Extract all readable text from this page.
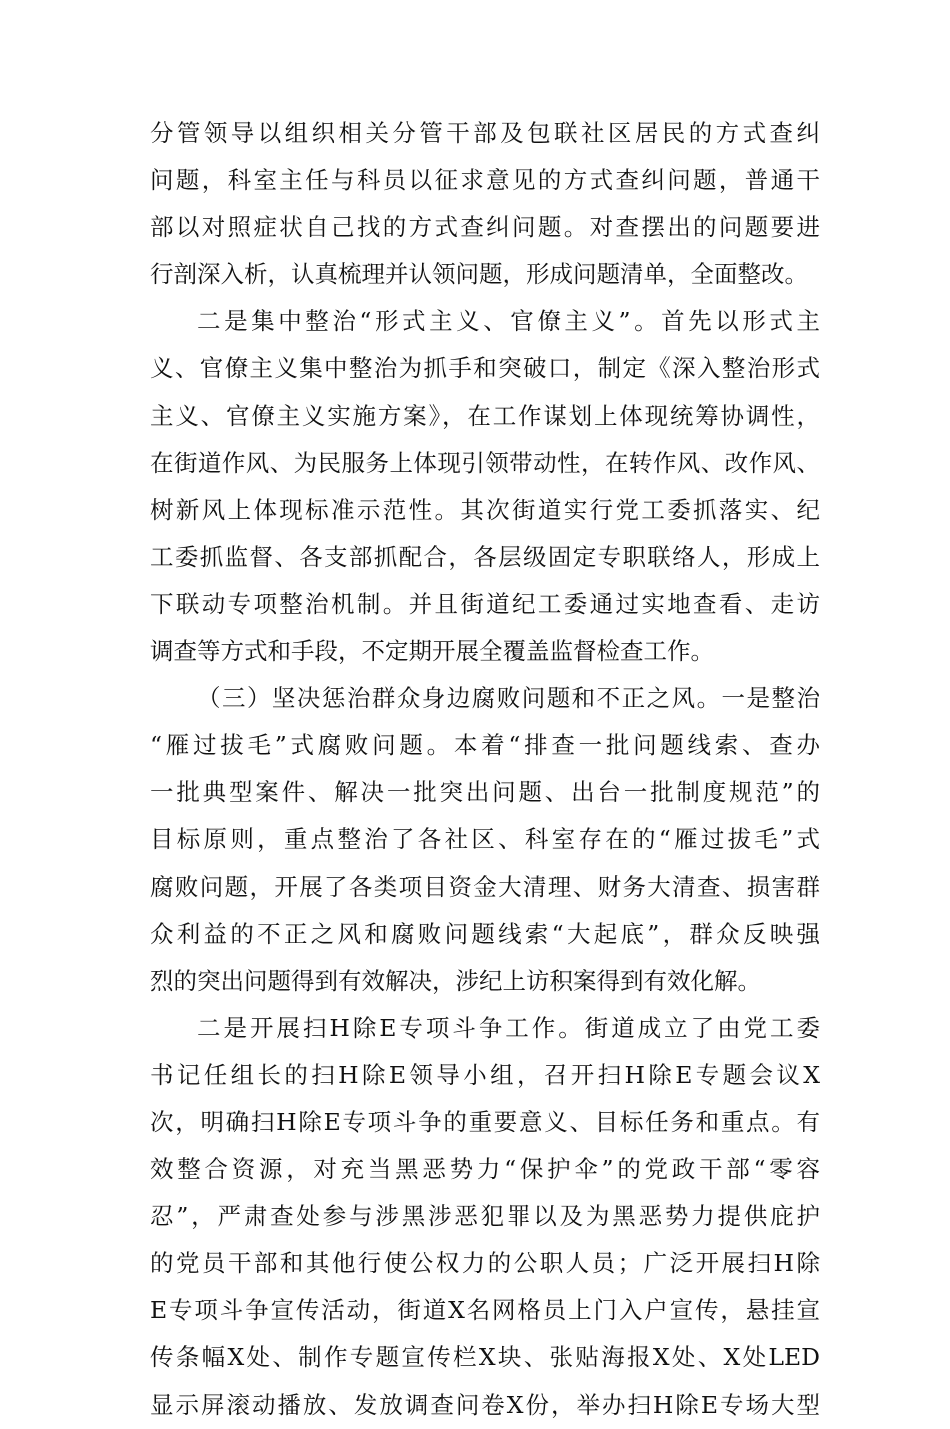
分管领导以组织相关分管干部及包联社区居民的方式查纠
问题，科室主任与科员以征求意见的方式查纠问题，普通干
部以对照症状自己找的方式查纠问题。对查摆出的问题要进
行剖深入析，认真梳理并认领问题，形成问题清单，全面整改。
二是集中整治“形式主义、官僚主义”。首先以形式主
义、官僚主义集中整治为抓手和突破口，制定《深入整治形式
主义、官僚主义实施方案》，在工作谋划上体现统筹协调性，
在街道作风、为民服务上体现引领带动性，在转作风、改作风、
树新风上体现标准示范性。其次街道实行党工委抓落实、纪
工委抓监督、各支部抓配合，各层级固定专职联络人，形成上
下联动专项整治机制。并且街道纪工委通过实地查看、走访
调查等方式和手段，不定期开展全覆盖监督检查工作。
（三）坚决惩治群众身边腐败问题和不正之风。一是整治
“雁过拔毛”式腐败问题。本着“排查一批问题线索、查办
一批典型案件、解决一批突出问题、出台一批制度规范”的
目标原则，重点整治了各社区、科室存在的“雁过拔毛”式
腐败问题，开展了各类项目资金大清理、财务大清查、损害群
众利益的不正之风和腐败问题线索“大起底”，群众反映强
烈的突出问题得到有效解决，涉纪上访积案得到有效化解。
二是开展扫H除E专项斗争工作。街道成立了由党工委
书记任组长的扫H除E领导小组，召开扫H除E专题会议X
次，明确扫H除E专项斗争的重要意义、目标任务和重点。有
效整合资源，对充当黑恶势力“保护伞”的党政干部“零容
忍”，严肃查处参与涉黑涉恶犯罪以及为黑恶势力提供庇护
的党员干部和其他行使公权力的公职人员；广泛开展扫H除
E专项斗争宣传活动，街道X名网格员上门入户宣传，悬挂宣
传条幅X处、制作专题宣传栏X块、张贴海报X处、X处LED
显示屏滚动播放、发放调查问卷X份，举办扫H除E专场大型
